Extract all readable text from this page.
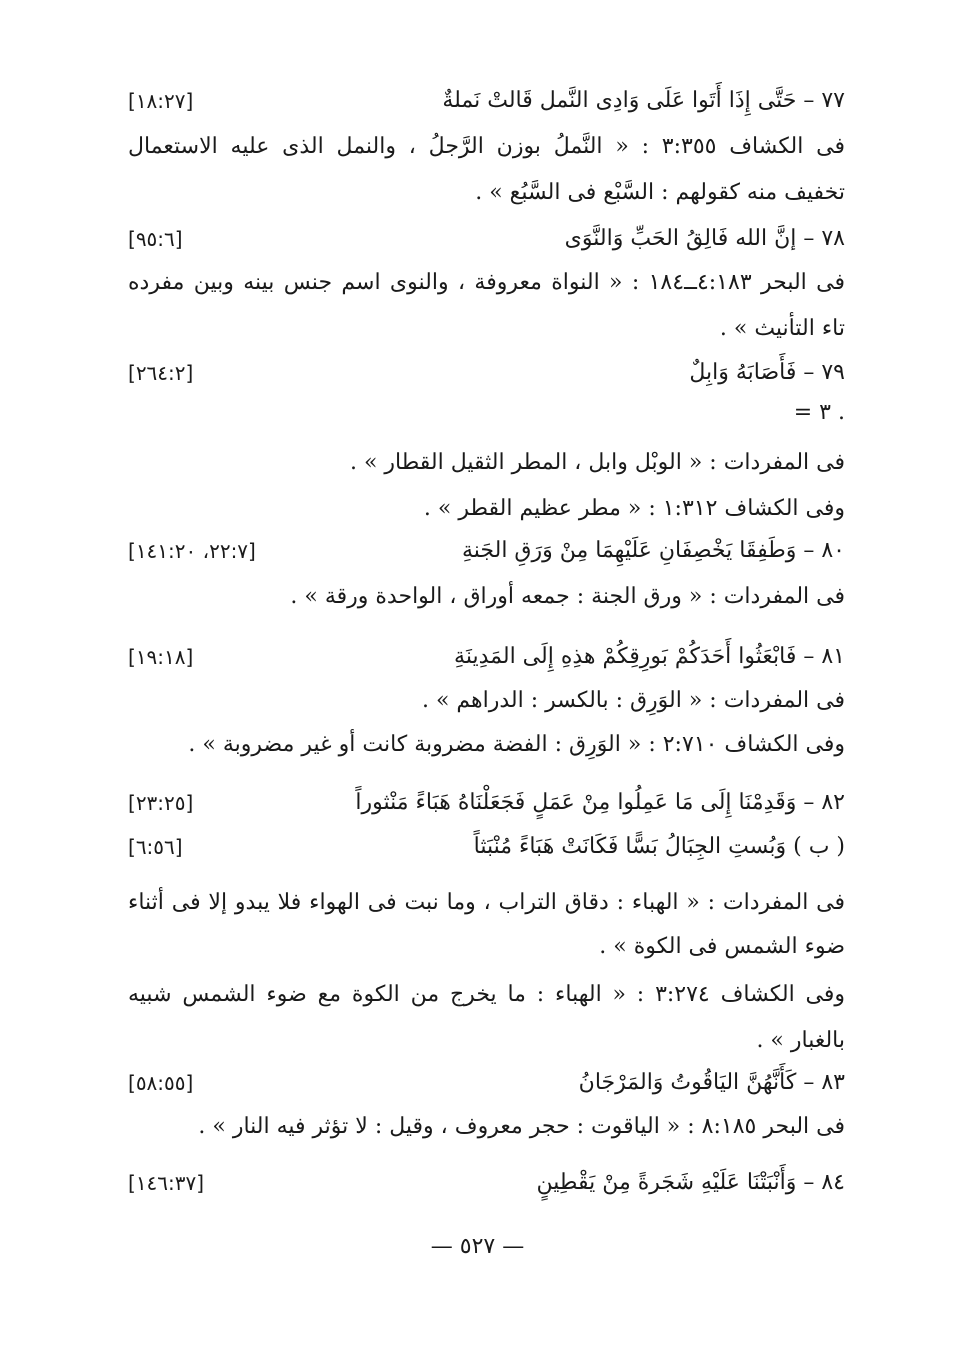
٧٧ – حَتَّى إِذَا أَتَوا عَلَى وَادِى النَّمل قَالتْ نَملةٌ
[١٨:٢٧]
فى الكشاف ٣:٣٥٥ : « النَّملُ بوزن الرَّجلُ ، والنمل الذى عليه الاستعمال
تخفيف منه كقولهم : السَّبْع فى السَّبُع » .
٧٨ – إنَّ الله فَالِقُ الحَبِّ وَالنَّوَى
[٩٥:٦]
فى البحر ٤:١٨٣ــ١٨٤ : « النواة معروفة ، والنوى اسم جنس بينه وبين مفرده
تاء التأنيث » .
٧٩ – فَأَصَابَهُ وَابِلٌ
[٢٦٤:٢]
. ٣ =
فى المفردات : « الوبْل وابل ، المطر الثقيل القطار » .
وفى الكشاف ١:٣١٢ : « مطر عظيم القطر » .
٨٠ – وَطَفِقَا يَخْصِفَانِ عَلَيْهِمَا مِنْ وَرَقِ الجَنةِ
[٢٢:٧، ١٤١:٢٠]
فى المفردات : « ورق الجنة : جمعه أوراق ، الواحدة ورقة » .
٨١ – فَابْعَثُوا أَحَدَكُمْ بَورِقِكُمْ هذِهِ إِلَى المَدِينَةِ
[١٩:١٨]
فى المفردات : « الوَرِق : بالكسر : الدراهم » .
وفى الكشاف ٢:٧١٠ : « الوَرِق : الفضة مضروبة كانت أو غير مضروبة » .
٨٢ – وَقَدِمْنَا إِلَى مَا عَمِلُوا مِنْ عَمَلٍ فَجَعَلْنَاهُ هَبَاءً مَنْثوراً
[٢٣:٢٥]
( ب ) وَبُستِ الجِبَالُ بَسًّا فَكَانَتْ هَبَاءً مُنْبَثاً
[٦:٥٦]
فى المفردات : « الهباء : دقاق التراب ، وما نبت فى الهواء فلا يبدو إلا فى أثناء
ضوء الشمس فى الكوة » .
وفى الكشاف ٣:٢٧٤ : « الهباء : ما يخرج من الكوة مع ضوء الشمس شبيه
بالغبار » .
٨٣ – كَأَنَّهُنَّ اليَاقُوتُ وَالمَرْجَانُ
[٥٨:٥٥]
فى البحر ٨:١٨٥ : « الياقوت : حجر معروف ، وقيل : لا تؤثر فيه النار » .
٨٤ – وَأَنْبَتْنَا عَلَيْهِ شَجَرةً مِنْ يَقْطِينٍ
[١٤٦:٣٧]
— ٥٢٧ —
